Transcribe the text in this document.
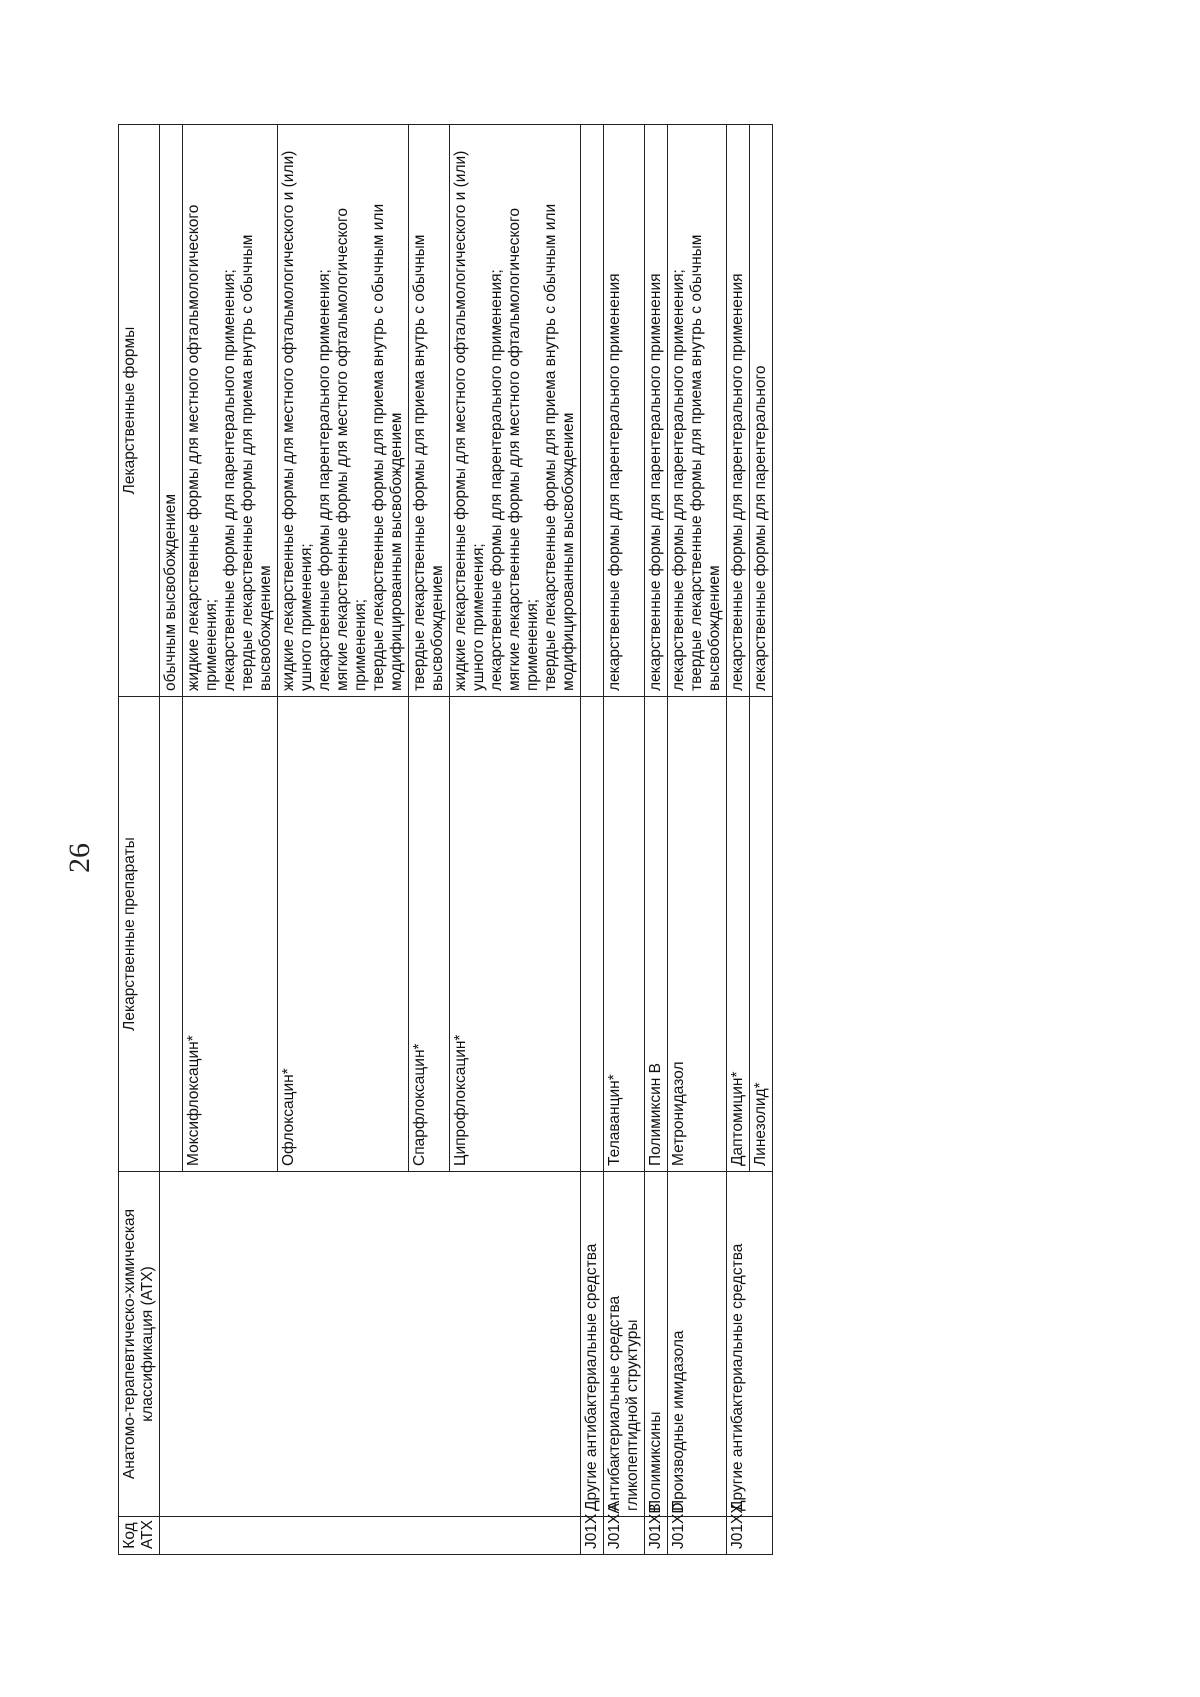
26
Код АТХ	Анатомо-терапевтическо-химическая классификация (АТХ)	Лекарственные препараты	Лекарственные формы

			обычным высвобождением

		Моксифлоксацин*	жидкие лекарственные формы для местного офтальмологического применения; лекарственные формы для парентерального применения; твердые лекарственные формы для приема внутрь с обычным высвобождением

		Офлоксацин*	жидкие лекарственные формы для местного офтальмологического и (или) ушного применения; лекарственные формы для парентерального применения; мягкие лекарственные формы для местного офтальмологического применения; твердые лекарственные формы для приема внутрь с обычным или модифицированным высвобождением

		Спарфлоксацин*	твердые лекарственные формы для приема внутрь с обычным высвобождением

		Ципрофлоксацин*	жидкие лекарственные формы для местного офтальмологического и (или) ушного применения; лекарственные формы для парентерального применения; мягкие лекарственные формы для местного офтальмологического применения; твердые лекарственные формы для приема внутрь с обычным или модифицированным высвобождением

J01X	Другие антибактериальные средства		
J01XA	Антибактериальные средства гликопептидной структуры	Телаванцин*	лекарственные формы для парентерального применения

J01XB	Полимиксины	Полимиксин В	лекарственные формы для парентерального применения

J01XD	Производные имидазола	Метронидазол	лекарственные формы для парентерального применения; твердые лекарственные формы для приема внутрь с обычным высвобождением

J01XX	Другие антибактериальные средства	Даптомицин*	лекарственные формы для парентерального применения

		Линезолид*	лекарственные формы для парентерального
